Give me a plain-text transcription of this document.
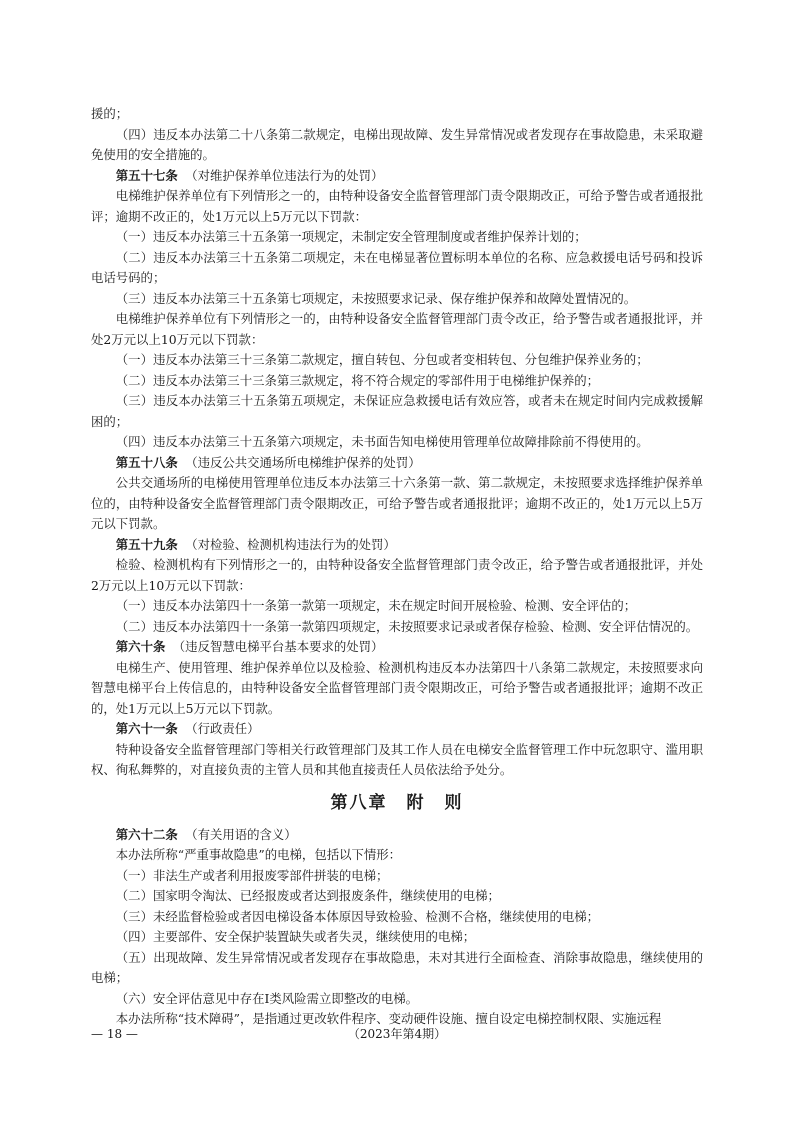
援的；

（四）违反本办法第二十八条第二款规定，电梯出现故障、发生异常情况或者发现存在事故隐患，未采取避免使用的安全措施的。

第五十七条 （对维护保养单位违法行为的处罚）

电梯维护保养单位有下列情形之一的，由特种设备安全监督管理部门责令限期改正，可给予警告或者通报批评；逾期不改正的，处1万元以上5万元以下罚款：

（一）违反本办法第三十五条第一项规定，未制定安全管理制度或者维护保养计划的；

（二）违反本办法第三十五条第二项规定，未在电梯显著位置标明本单位的名称、应急救援电话号码和投诉电话号码的；

（三）违反本办法第三十五条第七项规定，未按照要求记录、保存维护保养和故障处置情况的。

电梯维护保养单位有下列情形之一的，由特种设备安全监督管理部门责令改正，给予警告或者通报批评，并处2万元以上10万元以下罚款：

（一）违反本办法第三十三条第二款规定，擅自转包、分包或者变相转包、分包维护保养业务的；

（二）违反本办法第三十三条第三款规定，将不符合规定的零部件用于电梯维护保养的；

（三）违反本办法第三十五条第五项规定，未保证应急救援电话有效应答，或者未在规定时间内完成救援解困的；

（四）违反本办法第三十五条第六项规定，未书面告知电梯使用管理单位故障排除前不得使用的。

第五十八条 （违反公共交通场所电梯维护保养的处罚）

公共交通场所的电梯使用管理单位违反本办法第三十六条第一款、第二款规定，未按照要求选择维护保养单位的，由特种设备安全监督管理部门责令限期改正，可给予警告或者通报批评；逾期不改正的，处1万元以上5万元以下罚款。

第五十九条 （对检验、检测机构违法行为的处罚）

检验、检测机构有下列情形之一的，由特种设备安全监督管理部门责令改正，给予警告或者通报批评，并处2万元以上10万元以下罚款：

（一）违反本办法第四十一条第一款第一项规定，未在规定时间开展检验、检测、安全评估的；

（二）违反本办法第四十一条第一款第四项规定，未按照要求记录或者保存检验、检测、安全评估情况的。

第六十条 （违反智慧电梯平台基本要求的处罚）

电梯生产、使用管理、维护保养单位以及检验、检测机构违反本办法第四十八条第二款规定，未按照要求向智慧电梯平台上传信息的，由特种设备安全监督管理部门责令限期改正，可给予警告或者通报批评；逾期不改正的，处1万元以上5万元以下罚款。

第六十一条 （行政责任）

特种设备安全监督管理部门等相关行政管理部门及其工作人员在电梯安全监督管理工作中玩忽职守、滥用职权、徇私舞弊的，对直接负责的主管人员和其他直接责任人员依法给予处分。

第八章　附　则

第六十二条 （有关用语的含义）

本办法所称“严重事故隐患”的电梯，包括以下情形：

（一）非法生产或者利用报废零部件拼装的电梯；

（二）国家明令淘汰、已经报废或者达到报废条件，继续使用的电梯；

（三）未经监督检验或者因电梯设备本体原因导致检验、检测不合格，继续使用的电梯；

（四）主要部件、安全保护装置缺失或者失灵，继续使用的电梯；

（五）出现故障、发生异常情况或者发现存在事故隐患，未对其进行全面检查、消除事故隐患，继续使用的电梯；

（六）安全评估意见中存在Ⅰ类风险需立即整改的电梯。

本办法所称“技术障碍”，是指通过更改软件程序、变动硬件设施、擅自设定电梯控制权限、实施远程

— 18 —	（2023年第4期）
